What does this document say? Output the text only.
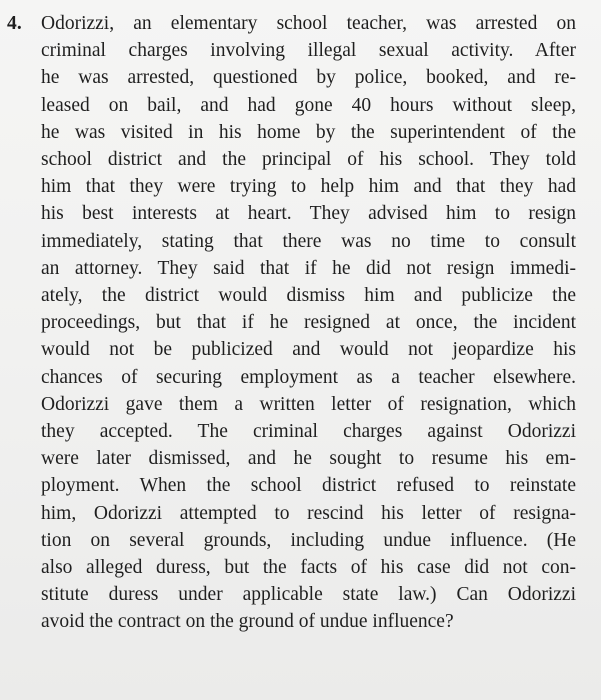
4. Odorizzi, an elementary school teacher, was arrested on
criminal charges involving illegal sexual activity. After
he was arrested, questioned by police, booked, and re-
leased on bail, and had gone 40 hours without sleep,
he was visited in his home by the superintendent of the
school district and the principal of his school. They told
him that they were trying to help him and that they had
his best interests at heart. They advised him to resign
immediately, stating that there was no time to consult
an attorney. They said that if he did not resign immedi-
ately, the district would dismiss him and publicize the
proceedings, but that if he resigned at once, the incident
would not be publicized and would not jeopardize his
chances of securing employment as a teacher elsewhere.
Odorizzi gave them a written letter of resignation, which
they accepted. The criminal charges against Odorizzi
were later dismissed, and he sought to resume his em-
ployment. When the school district refused to reinstate
him, Odorizzi attempted to rescind his letter of resigna-
tion on several grounds, including undue influence. (He
also alleged duress, but the facts of his case did not con-
stitute duress under applicable state law.) Can Odorizzi
avoid the contract on the ground of undue influence?
